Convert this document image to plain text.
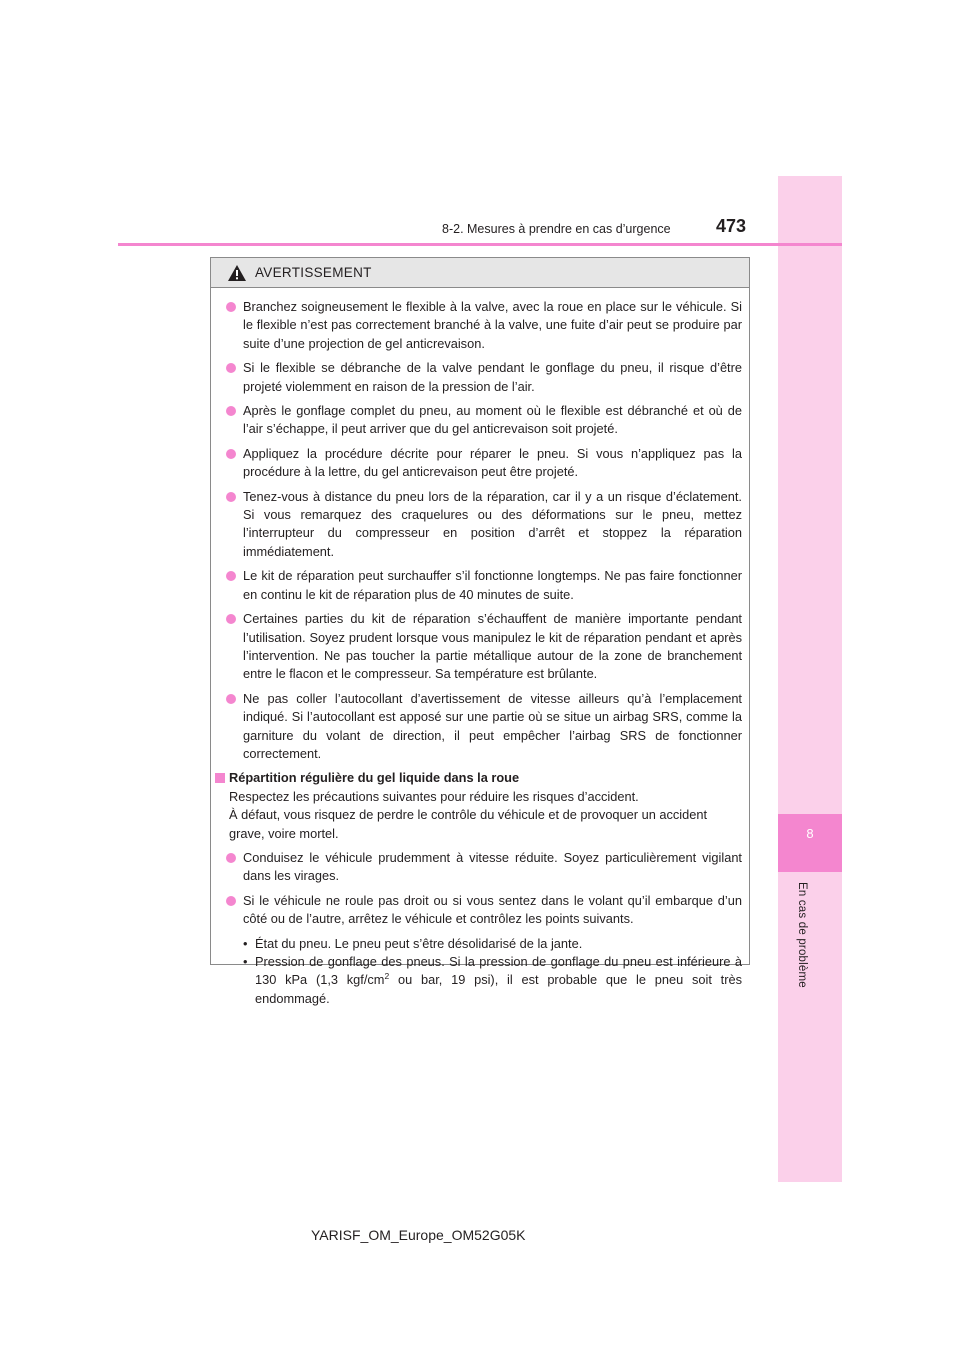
8
En cas de problème
8-2. Mesures à prendre en cas d’urgence	473
AVERTISSEMENT
Branchez soigneusement le flexible à la valve, avec la roue en place sur le véhicule. Si le flexible n’est pas correctement branché à la valve, une fuite d’air peut se produire par suite d’une projection de gel anticrevaison.
Si le flexible se débranche de la valve pendant le gonflage du pneu, il risque d’être projeté violemment en raison de la pression de l’air.
Après le gonflage complet du pneu, au moment où le flexible est débranché et où de l’air s’échappe, il peut arriver que du gel anticrevaison soit projeté.
Appliquez la procédure décrite pour réparer le pneu. Si vous n’appliquez pas la procédure à la lettre, du gel anticrevaison peut être projeté.
Tenez-vous à distance du pneu lors de la réparation, car il y a un risque d’éclatement. Si vous remarquez des craquelures ou des déformations sur le pneu, mettez l’interrupteur du compresseur en position d’arrêt et stoppez la réparation immédiatement.
Le kit de réparation peut surchauffer s’il fonctionne longtemps. Ne pas faire fonctionner en continu le kit de réparation plus de 40 minutes de suite.
Certaines parties du kit de réparation s’échauffent de manière importante pendant l’utilisation. Soyez prudent lorsque vous manipulez le kit de réparation pendant et après l’intervention. Ne pas toucher la partie métallique autour de la zone de branchement entre le flacon et le compresseur. Sa température est brûlante.
Ne pas coller l’autocollant d’avertissement de vitesse ailleurs qu’à l’emplacement indiqué. Si l’autocollant est apposé sur une partie où se situe un airbag SRS, comme la garniture du volant de direction, il peut empêcher l’airbag SRS de fonctionner correctement.
Répartition régulière du gel liquide dans la roue
Respectez les précautions suivantes pour réduire les risques d’accident.
À défaut, vous risquez de perdre le contrôle du véhicule et de provoquer un accident grave, voire mortel.
Conduisez le véhicule prudemment à vitesse réduite. Soyez particulièrement vigilant dans les virages.
Si le véhicule ne roule pas droit ou si vous sentez dans le volant qu’il embarque d’un côté ou de l’autre, arrêtez le véhicule et contrôlez les points suivants.
• État du pneu. Le pneu peut s’être désolidarisé de la jante.
• Pression de gonflage des pneus. Si la pression de gonflage du pneu est inférieure à 130 kPa (1,3 kgf/$cm^2$ ou bar, 19 psi), il est probable que le pneu soit très endommagé.
YARISF_OM_Europe_OM52G05K
